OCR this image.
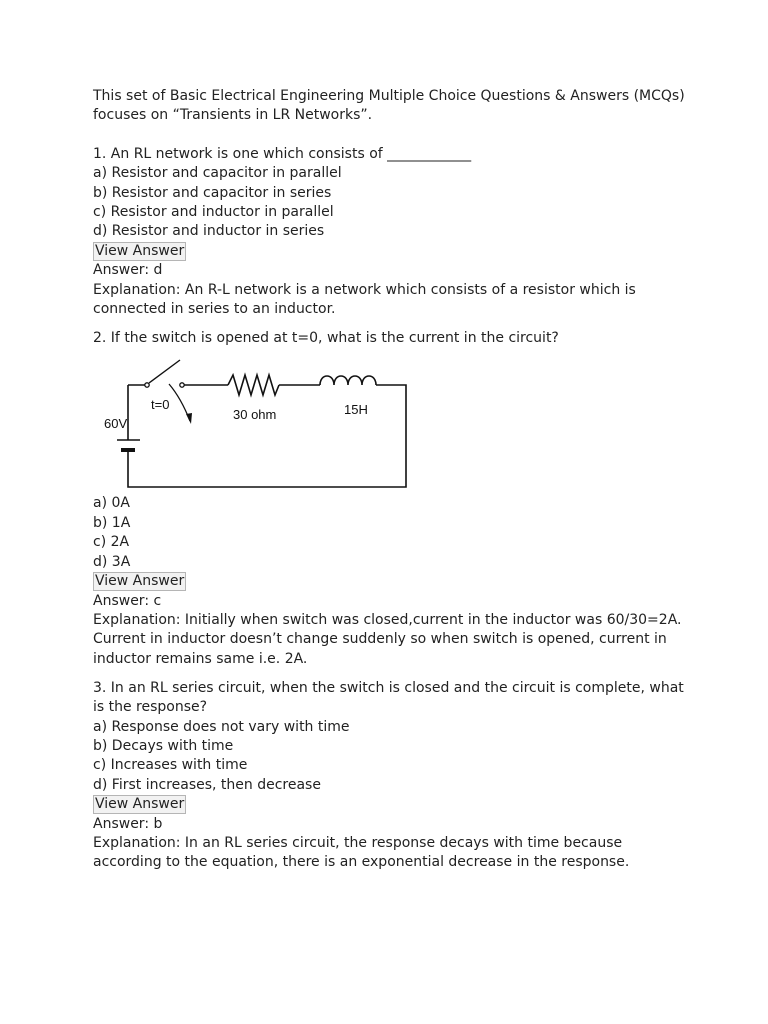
This set of Basic Electrical Engineering Multiple Choice Questions & Answers (MCQs)
focuses on “Transients in LR Networks”.
1. An RL network is one which consists of ____________
a) Resistor and capacitor in parallel
b) Resistor and capacitor in series
c) Resistor and inductor in parallel
d) Resistor and inductor in series
View Answer
Answer: d
Explanation: An R-L network is a network which consists of a resistor which is
connected in series to an inductor.
2. If the switch is opened at t=0, what is the current in the circuit?
60V
t=0
30 ohm	15H
a) 0A
b) 1A
c) 2A
d) 3A
View Answer
Answer: c
Explanation: Initially when switch was closed,current in the inductor was 60/30=2A.
Current in inductor doesn’t change suddenly so when switch is opened, current in
inductor remains same i.e. 2A.
3. In an RL series circuit, when the switch is closed and the circuit is complete, what
is the response?
a) Response does not vary with time
b) Decays with time
c) Increases with time
d) First increases, then decrease
View Answer
Answer: b
Explanation: In an RL series circuit, the response decays with time because
according to the equation, there is an exponential decrease in the response.
